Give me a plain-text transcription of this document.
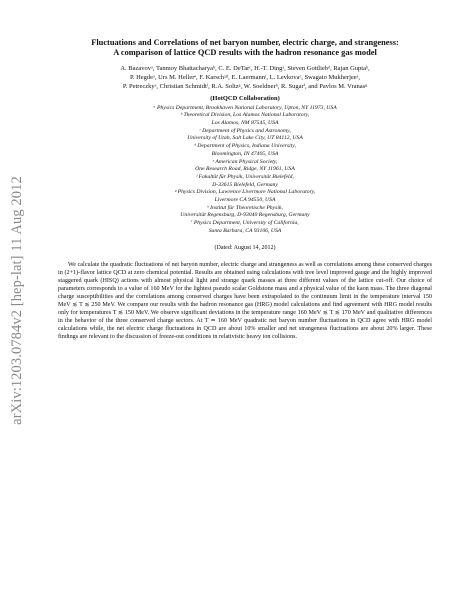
arXiv:1203.0784v2 [hep-lat] 11 Aug 2012
Fluctuations and Correlations of net baryon number, electric charge, and strangeness:
A comparison of lattice QCD results with the hadron resonance gas model
A. Bazavovᵃ, Tanmoy Bhattacharyaᵇ, C. E. DeTarᶜ, H.-T. Dingᵃ, Steven Gottliebᵈ, Rajan Guptaᵇ,
P. Hegdeᵃ, Urs M. Hellerᵉ, F. Karschᵃʲᶠ, E. Laermannᶠ, L. Levkovaᶜ, Swagato Mukherjeeᵃ,
P. Petreczkyᵃ, Christian Schmidtᶠ, R.A. Soltzᵍ, W. Soeldnerʰ, R. Sugarⁱ, and Pavlos M. Vranasᵍ
(HotQCD Collaboration)
ᵃ Physics Department, Brookhaven National Laboratory, Upton, NY 11973, USA
ᵇ Theoretical Division, Los Alamos National Laboratory,
Los Alamos, NM 87545, USA
ᶜ Department of Physics and Astronomy,
University of Utah, Salt Lake City, UT 84112, USA
ᵈ Department of Physics, Indiana University,
Bloomington, IN 47405, USA
ᵉ American Physical Society,
One Research Road, Ridge, NY 11961, USA
ᶠ Fakultät für Physik, Universität Bielefeld,
D-33615 Bielefeld, Germany
ᵍ Physics Division, Lawrence Livermore National Laboratory,
Livermore CA 94550, USA
ʰ Institut für Theoretische Physik,
Universität Regensburg, D-93040 Regensburg, Germany
ⁱ Physics Department, University of California,
Santa Barbara, CA 93106, USA
(Dated: August 14, 2012)

We calculate the quadratic fluctuations of net baryon number, electric charge and strangeness as well as correlations among these conserved charges in (2+1)-flavor lattice QCD at zero chemical potential. Results are obtained using calculations with tree level improved gauge and the highly improved staggered quark (HISQ) actions with almost physical light and strange quark masses at three different values of the lattice cut-off. Our choice of parameters corresponds to a value of 160 MeV for the lightest pseudo scalar Goldstone mass and a physical value of the kaon mass. The three diagonal charge susceptibilities and the correlations among conserved charges have been extrapolated to the continuum limit in the temperature interval 150 MeV ≲ T ≲ 250 MeV. We compare our results with the hadron resonance gas (HRG) model calculations and find agreement with HRG model results only for temperatures T ≲ 150 MeV. We observe significant deviations in the temperature range 160 MeV ≲ T ≲ 170 MeV and qualitative differences in the behavior of the three conserved charge sectors. At T ≃ 160 MeV quadratic net baryon number fluctuations in QCD agree with HRG model calculations while, the net electric charge fluctuations in QCD are about 10% smaller and net strangeness fluctuations are about 20% larger. These findings are relevant to the discussion of freeze-out conditions in relativistic heavy ion collisions.
